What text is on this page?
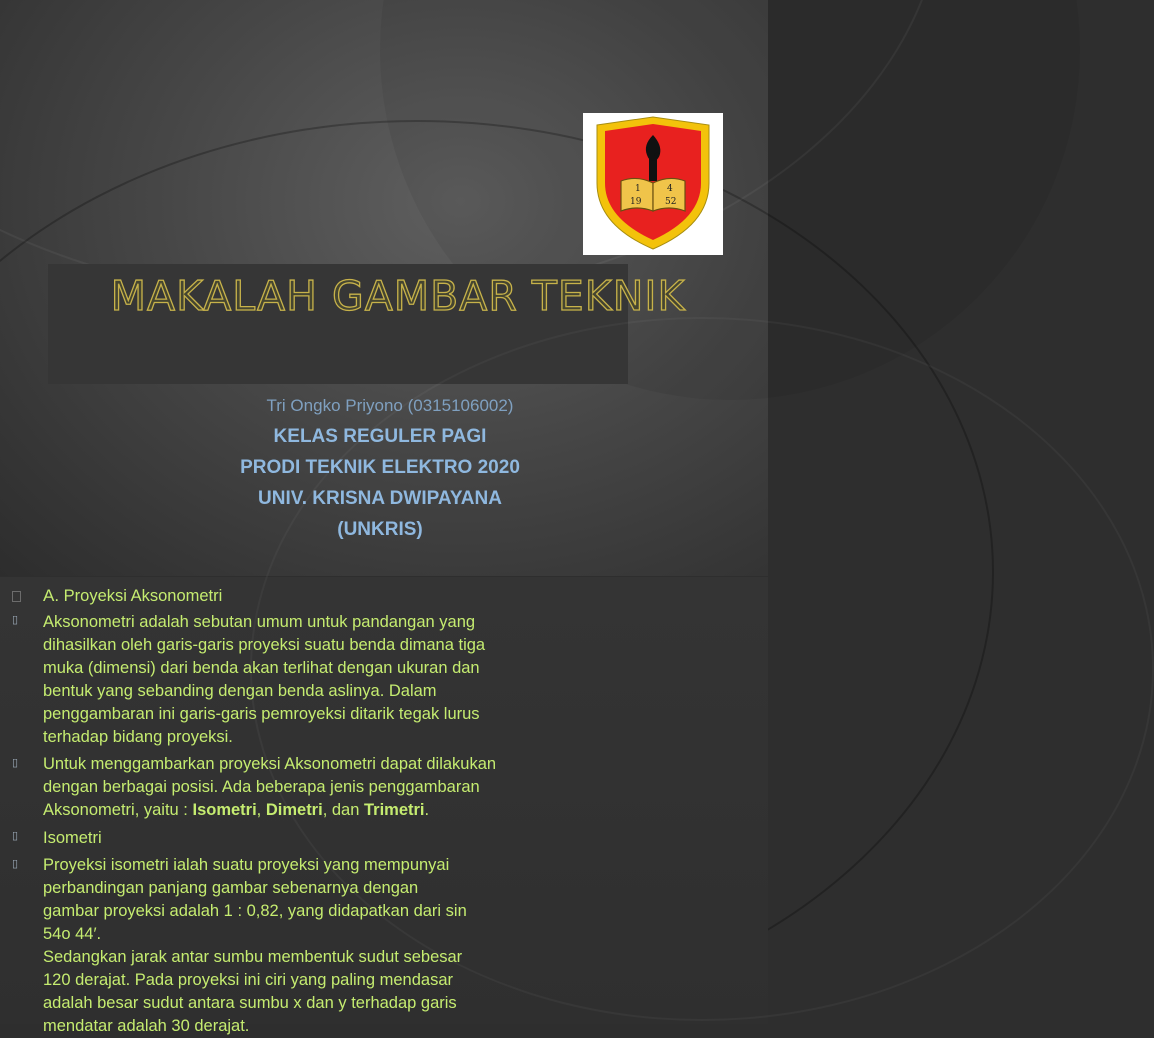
1	4
19	52
MAKALAH GAMBAR TEKNIK
Tri Ongko Priyono (0315106002)
KELAS REGULER PAGI
PRODI TEKNIK ELEKTRO 2020
UNIV. KRISNA DWIPAYANA
(UNKRIS)
A. Proyeksi Aksonometri
▯ Aksonometri adalah sebutan umum untuk pandangan yang
dihasilkan oleh garis-garis proyeksi suatu benda dimana tiga
muka (dimensi) dari benda akan terlihat dengan ukuran dan
bentuk yang sebanding dengan benda aslinya. Dalam
penggambaran ini garis-garis pemroyeksi ditarik tegak lurus
terhadap bidang proyeksi.
▯ Untuk menggambarkan proyeksi Aksonometri dapat dilakukan
dengan berbagai posisi. Ada beberapa jenis penggambaran
Aksonometri, yaitu : Isometri, Dimetri, dan Trimetri.
▯ Isometri
▯ Proyeksi isometri ialah suatu proyeksi yang mempunyai
perbandingan panjang gambar sebenarnya dengan
gambar proyeksi adalah 1 : 0,82, yang didapatkan dari sin
54o 44′.
Sedangkan jarak antar sumbu membentuk sudut sebesar
120 derajat. Pada proyeksi ini ciri yang paling mendasar
adalah besar sudut antara sumbu x dan y terhadap garis
mendatar adalah 30 derajat.
